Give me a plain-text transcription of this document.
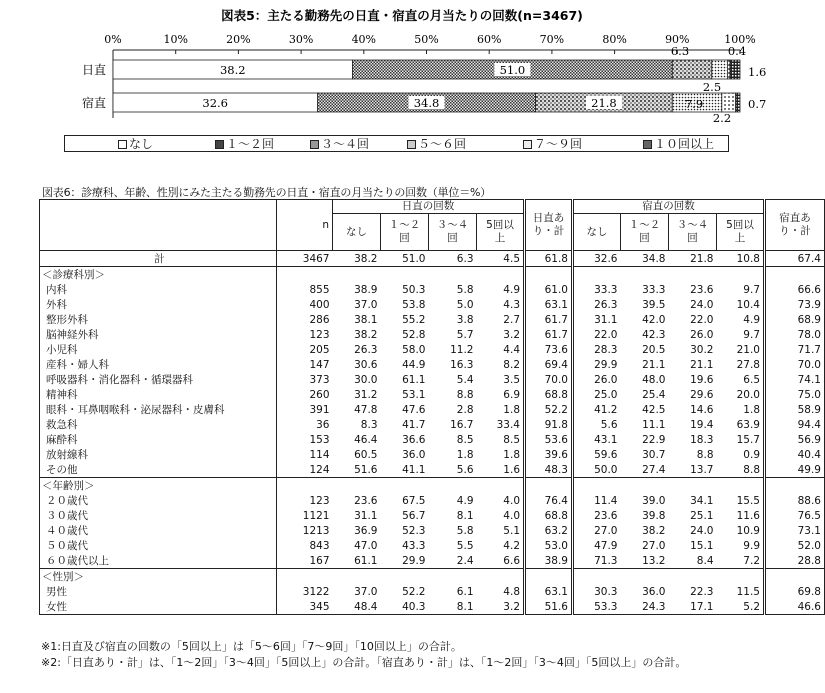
図表5：主たる勤務先の日直・宿直の月当たりの回数(n=3467)
0%	10%	20%	30%	40%	50%	60%	70%	80%	90%	100%
日直	38.2	51.0
6.3
2.5
0.4
1.6
宿直	32.6	34.8	21.8	7.9
2.2
0.7
なし	１～２回	３～４回	５～６回	７～９回	１０回以上
図表6：診療科、年齢、性別にみた主たる勤務先の日直・宿直の月当たりの回数（単位＝%）
	n	日直の回数				日直あ
り・計	宿直の回数				宿直あ
り・計
		なし	１～２
回	３～４
回	5回以
上		なし	１～２
回	３～４
回	5回以
上	
計	3467	38.2	51.0	6.3	4.5	61.8	32.6	34.8	21.8	10.8	67.4
＜診療科別＞											
内科	855	38.9	50.3	5.8	4.9	61.0	33.3	33.3	23.6	9.7	66.6
外科	400	37.0	53.8	5.0	4.3	63.1	26.3	39.5	24.0	10.4	73.9
整形外科	286	38.1	55.2	3.8	2.7	61.7	31.1	42.0	22.0	4.9	68.9
脳神経外科	123	38.2	52.8	5.7	3.2	61.7	22.0	42.3	26.0	9.7	78.0
小児科	205	26.3	58.0	11.2	4.4	73.6	28.3	20.5	30.2	21.0	71.7
産科・婦人科	147	30.6	44.9	16.3	8.2	69.4	29.9	21.1	21.1	27.8	70.0
呼吸器科・消化器科・循環器科	373	30.0	61.1	5.4	3.5	70.0	26.0	48.0	19.6	6.5	74.1
精神科	260	31.2	53.1	8.8	6.9	68.8	25.0	25.4	29.6	20.0	75.0
眼科・耳鼻咽喉科・泌尿器科・皮膚科	391	47.8	47.6	2.8	1.8	52.2	41.2	42.5	14.6	1.8	58.9
救急科	36	8.3	41.7	16.7	33.4	91.8	5.6	11.1	19.4	63.9	94.4
麻酔科	153	46.4	36.6	8.5	8.5	53.6	43.1	22.9	18.3	15.7	56.9
放射線科	114	60.5	36.0	1.8	1.8	39.6	59.6	30.7	8.8	0.9	40.4
その他	124	51.6	41.1	5.6	1.6	48.3	50.0	27.4	13.7	8.8	49.9
＜年齢別＞											
２０歳代	123	23.6	67.5	4.9	4.0	76.4	11.4	39.0	34.1	15.5	88.6
３０歳代	1121	31.1	56.7	8.1	4.0	68.8	23.6	39.8	25.1	11.6	76.5
４０歳代	1213	36.9	52.3	5.8	5.1	63.2	27.0	38.2	24.0	10.9	73.1
５０歳代	843	47.0	43.3	5.5	4.2	53.0	47.9	27.0	15.1	9.9	52.0
６０歳代以上	167	61.1	29.9	2.4	6.6	38.9	71.3	13.2	8.4	7.2	28.8
＜性別＞											
男性	3122	37.0	52.2	6.1	4.8	63.1	30.3	36.0	22.3	11.5	69.8
女性	345	48.4	40.3	8.1	3.2	51.6	53.3	24.3	17.1	5.2	46.6
※1:日直及び宿直の回数の「5回以上」は「5～6回」「7～9回」「10回以上」の合計。
※2:「日直あり・計」は、「1～2回」「3～4回」「5回以上」の合計。「宿直あり・計」は、「1～2回」「3～4回」「5回以上」の合計。
